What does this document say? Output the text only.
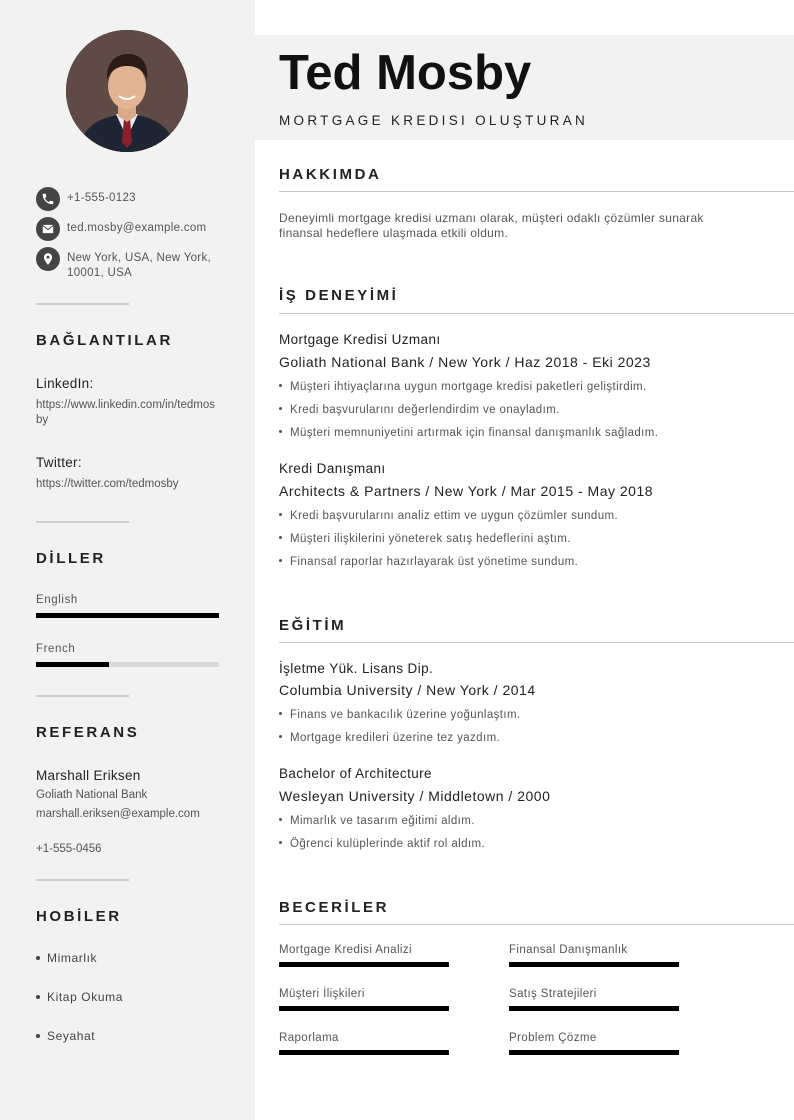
+1-555-0123
ted.mosby@example.com
New York, USA, New York, 10001, USA
BAĞLANTILAR
LinkedIn:
https://www.linkedin.com/in/tedmosby
Twitter:
https://twitter.com/tedmosby
DİLLER
English
French
REFERANS
Marshall Eriksen
Goliath National Bank
marshall.eriksen@example.com
+1-555-0456
HOBİLER
Mimarlık
Kitap Okuma
Seyahat
Ted Mosby
MORTGAGE KREDISI OLUŞTURAN
HAKKIMDA
Deneyimli mortgage kredisi uzmanı olarak, müşteri odaklı çözümler sunarak finansal hedeflere ulaşmada etkili oldum.
İŞ DENEYİMİ
Mortgage Kredisi Uzmanı
Goliath National Bank / New York / Haz 2018 - Eki 2023
Müşteri ihtiyaçlarına uygun mortgage kredisi paketleri geliştirdim.
Kredi başvurularını değerlendirdim ve onayladım.
Müşteri memnuniyetini artırmak için finansal danışmanlık sağladım.
Kredi Danışmanı
Architects & Partners / New York / Mar 2015 - May 2018
Kredi başvurularını analiz ettim ve uygun çözümler sundum.
Müşteri ilişkilerini yöneterek satış hedeflerini aştım.
Finansal raporlar hazırlayarak üst yönetime sundum.
EĞİTİM
İşletme Yük. Lisans Dip.
Columbia University / New York / 2014
Finans ve bankacılık üzerine yoğunlaştım.
Mortgage kredileri üzerine tez yazdım.
Bachelor of Architecture
Wesleyan University / Middletown / 2000
Mimarlık ve tasarım eğitimi aldım.
Öğrenci kulüplerinde aktif rol aldım.
BECERİLER
Mortgage Kredisi Analizi	Finansal Danışmanlık
Müşteri İlişkileri	Satış Stratejileri
Raporlama	Problem Çözme
